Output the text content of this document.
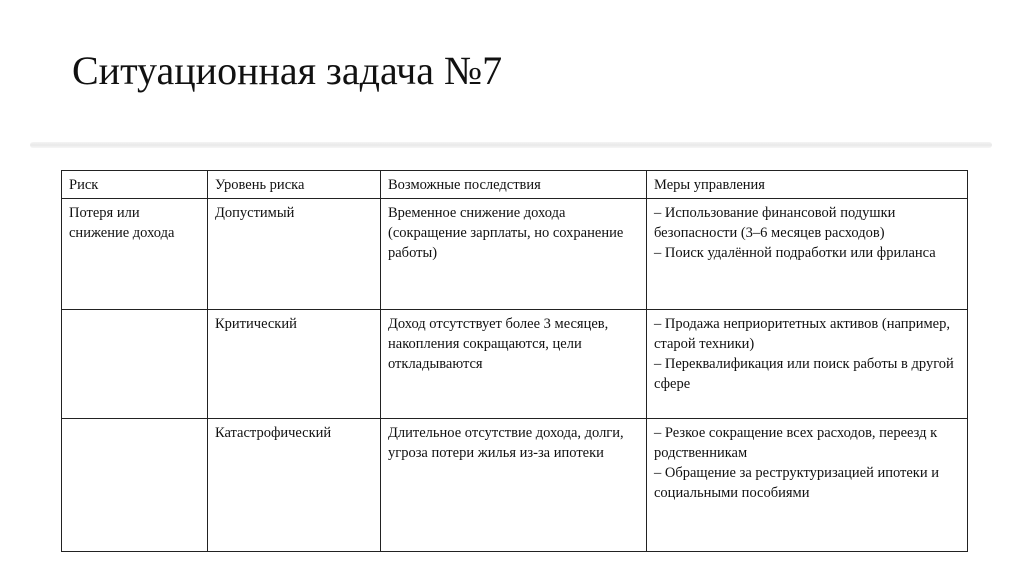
Ситуационная задача №7
Риск	Уровень риска	Возможные последствия	Меры управления
Потеря или снижение дохода	Допустимый	Временное снижение дохода (сокращение зарплаты, но сохранение работы)	– Использование финансовой подушки безопасности (3–6 месяцев расходов)
– Поиск удалённой подработки или фриланса

	Критический	Доход отсутствует более 3 месяцев, накопления сокращаются, цели откладываются	– Продажа неприоритетных активов (например, старой техники)
– Переквалификация или поиск работы в другой сфере

	Катастрофический	Длительное отсутствие дохода, долги, угроза потери жилья из-за ипотеки	– Резкое сокращение всех расходов, переезд к родственникам
– Обращение за реструктуризацией ипотеки и социальными пособиями
